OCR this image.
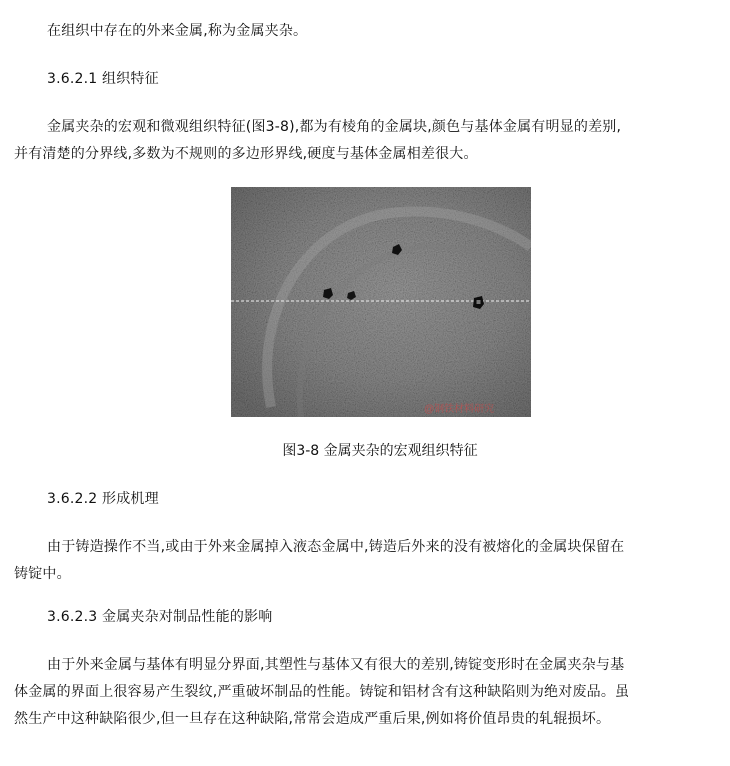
在组织中存在的外来金属,称为金属夹杂。
3.6.2.1 组织特征
金属夹杂的宏观和微观组织特征(图3-8),都为有棱角的金属块,颜色与基体金属有明显的差别,
并有清楚的分界线,多数为不规则的多边形界线,硬度与基体金属相差很大。
@钢铁材料研究
图3-8 金属夹杂的宏观组织特征
3.6.2.2 形成机理
由于铸造操作不当,或由于外来金属掉入液态金属中,铸造后外来的没有被熔化的金属块保留在
铸锭中。
3.6.2.3 金属夹杂对制品性能的影响
由于外来金属与基体有明显分界面,其塑性与基体又有很大的差别,铸锭变形时在金属夹杂与基
体金属的界面上很容易产生裂纹,严重破坏制品的性能。铸锭和铝材含有这种缺陷则为绝对废品。虽
然生产中这种缺陷很少,但一旦存在这种缺陷,常常会造成严重后果,例如将价值昂贵的轧辊损坏。
